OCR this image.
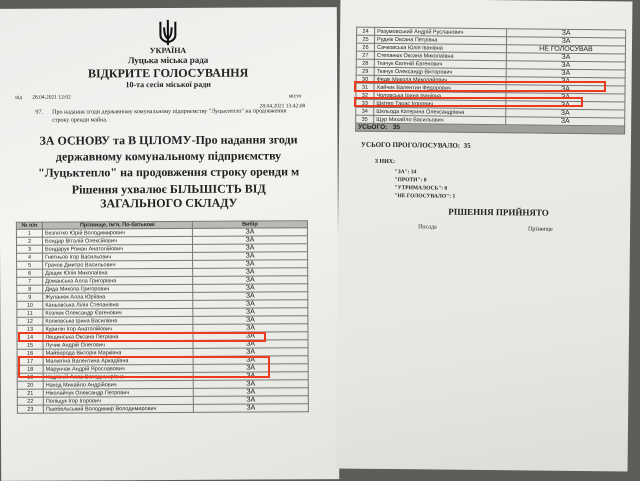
УКРАЇНА
Луцька міська рада
ВІДКРИТЕ ГОЛОСУВАННЯ
10-та сесія міської ради
від 28.04.2021 12:02	місто
28.04.2021 13:42:08
97.	Про надання згоди державному комунальному підприємству "Луцьктепло" на продовження строку оренди майна.
ЗА ОСНОВУ та В ЦІЛОМУ-Про надання згоди державному комунальному підприємству "Луцьктепло" на продовження строку оренди м
Рішення ухвалює БІЛЬШІСТЬ ВІД ЗАГАЛЬНОГО СКЛАДУ
№ п/п	Прізвище, Ім'я, По-батькові	Вибір
1	Безпятко Юрій Володимирович	ЗА
2	Бондар Віталій Олексійович	ЗА
3	Бондарук Роман Анатолійович	ЗА
4	Гнетньов Ігор Васильович	ЗА
5	Грачов Дмитро Васильович	ЗА
6	Дащик Юлія Миколаївна	ЗА
7	Доманська Алла Григорівна	ЗА
8	Дида Микола Григорович	ЗА
9	Жуланюк Алла Юріївна	ЗА
10	Каньовська Лілія Степанівна	ЗА
11	Козлюк Олександр Євгенович	ЗА
12	Колковська Ірина Василівна	ЗА
13	Курилін Ігор Анатолійович	ЗА
14	Лещинська Оксана Петрівна	ЗА
15	Лучик Андрій Олегович	ЗА
16	Майборода Вікторія Марківна	ЗА
17	Малютіна Валентина Аркадіївна	ЗА
18	Марунчак Андрій Ярославович	ЗА
19	Надточій Алла Володимирівна	ЗА
20	Наход Михайло Андрійович	ЗА
21	Ніколайчук Олександр Петрович	ЗА
22	Поліщук Ігор Ігорович	ЗА
23	Пшебельський Володимир Володимирович	ЗА
24	Разумовський Андрій Русланович	ЗА
25	Руднік Оксана Петрівна	ЗА
26	Сачковська Юлія Іванівна	НЕ ГОЛОСУВАВ
27	Степанюк Оксана Миколаївна	ЗА
28	Ткачук Євгеній Євгенович	ЗА
29	Ткачук Олександр Вікторович	ЗА
30	Федік Микола Миколайович	ЗА
31	Хайчик Валентин Федорович	ЗА
32	Чоловська Ірина Іванівна	ЗА
33	Шкітер Тарас Ігорович	ЗА
34	Шкльода Катерина Олександрівна	ЗА
35	Щур Михайло Васильович	ЗА
УСЬОГО: 35		
УСЬОГО ПРОГОЛОСУВАЛО: 35
З НИХ:
"ЗА": 34
"ПРОТИ": 0
"УТРИМАЛОСЬ": 0
"НЕ ГОЛОСУВАЛО": 1
РІШЕННЯ ПРИЙНЯТО
Посада	Прізвище
